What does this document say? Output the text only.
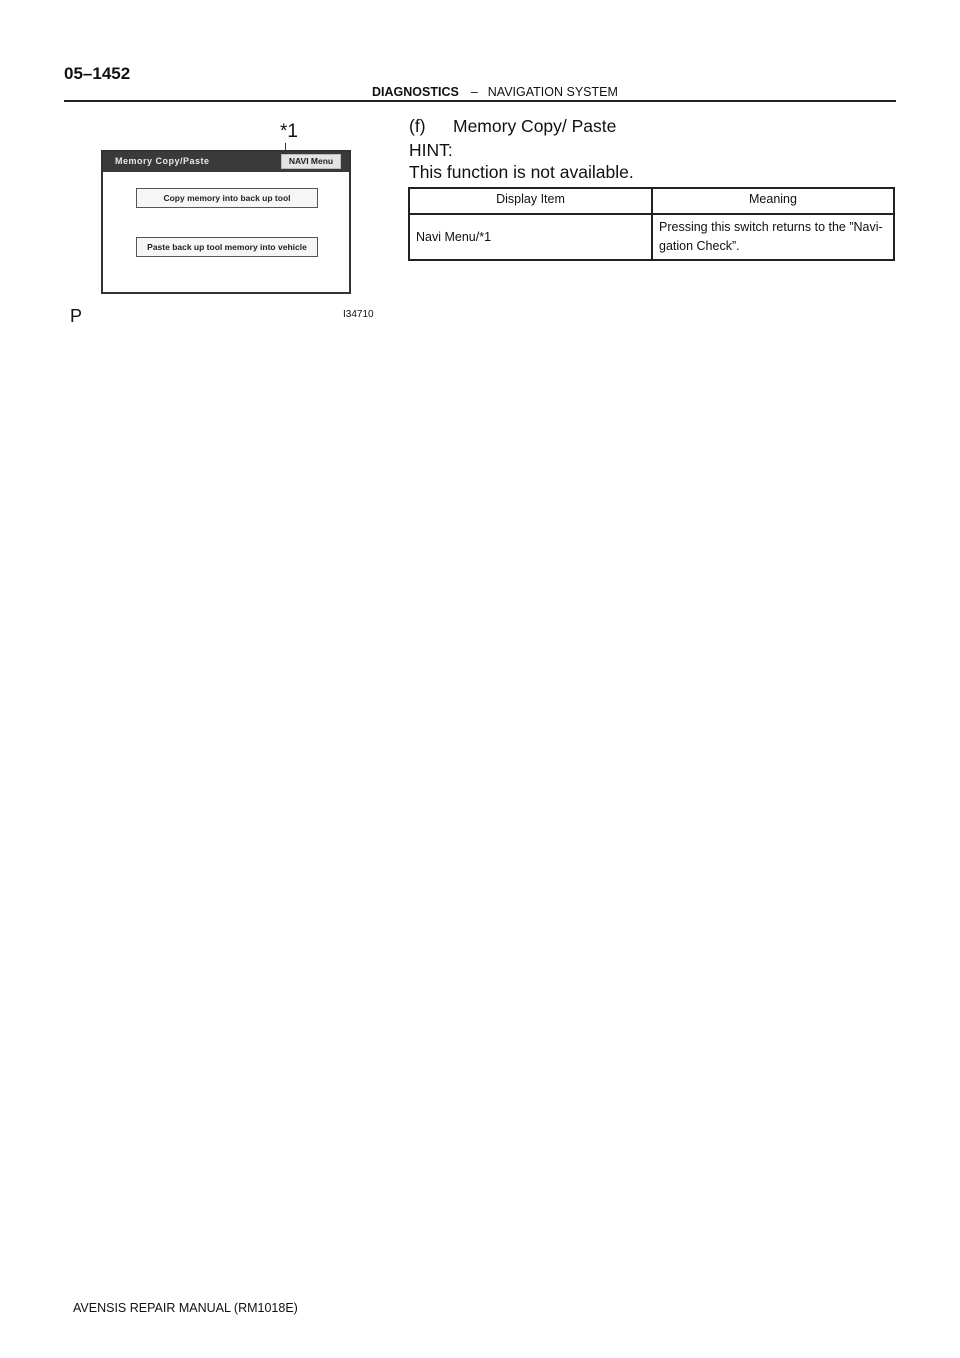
05–1452
DIAGNOSTICS – NAVIGATION SYSTEM
*1
Memory Copy/Paste	NAVI Menu
Copy memory into back up tool
Paste back up tool memory into vehicle
P	I34710
(f) Memory Copy/ Paste
HINT:
This function is not available.
Display Item	Meaning
Navi Menu/*1	Pressing this switch returns to the ”Navi- gation Check”.
AVENSIS REPAIR MANUAL (RM1018E)
